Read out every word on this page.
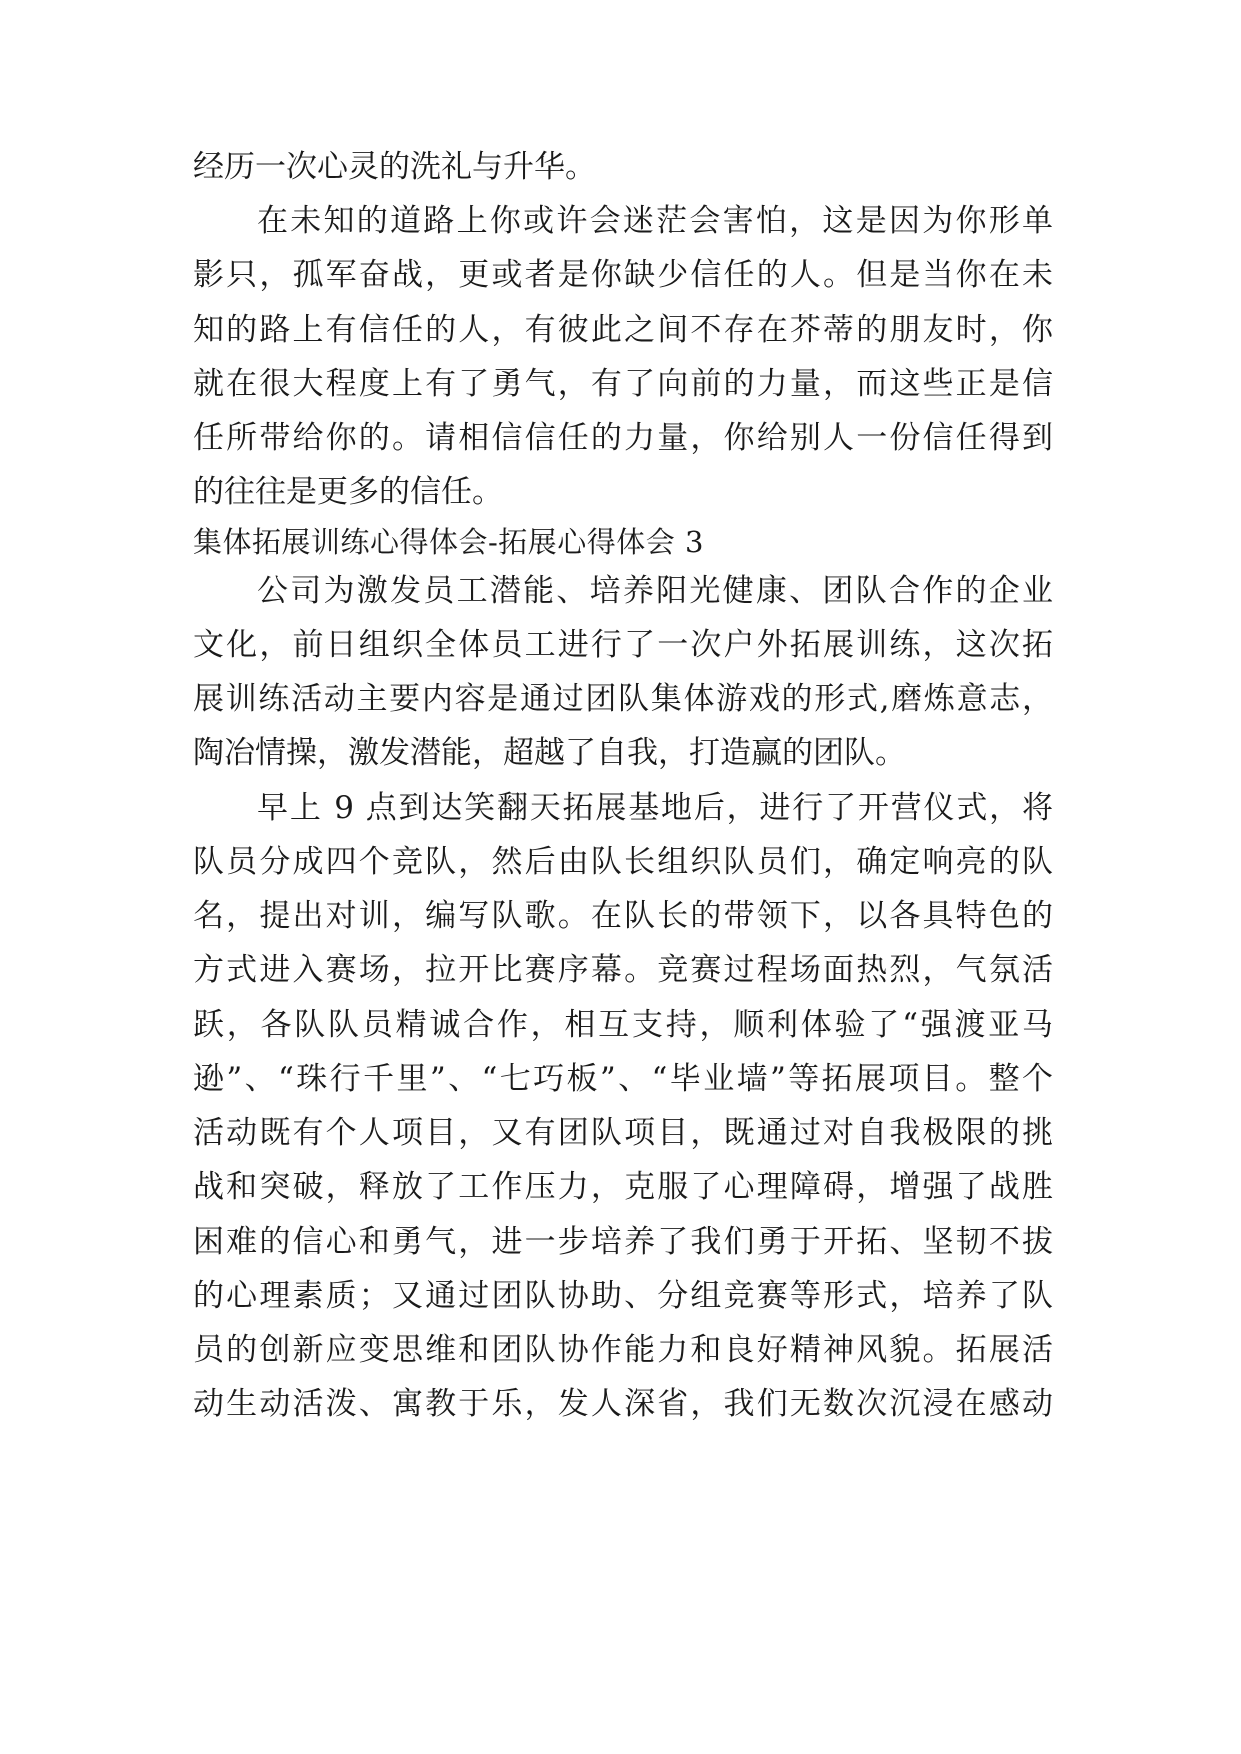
经历一次心灵的洗礼与升华。
在未知的道路上你或许会迷茫会害怕，这是因为你形单
影只，孤军奋战，更或者是你缺少信任的人。但是当你在未
知的路上有信任的人，有彼此之间不存在芥蒂的朋友时，你
就在很大程度上有了勇气，有了向前的力量，而这些正是信
任所带给你的。请相信信任的力量，你给别人一份信任得到
的往往是更多的信任。
集体拓展训练心得体会-拓展心得体会 3
公司为激发员工潜能、培养阳光健康、团队合作的企业
文化，前日组织全体员工进行了一次户外拓展训练，这次拓
展训练活动主要内容是通过团队集体游戏的形式,磨炼意志，
陶冶情操，激发潜能，超越了自我，打造赢的团队。
早上 9 点到达笑翻天拓展基地后，进行了开营仪式，将
队员分成四个竞队，然后由队长组织队员们，确定响亮的队
名，提出对训，编写队歌。在队长的带领下，以各具特色的
方式进入赛场，拉开比赛序幕。竞赛过程场面热烈，气氛活
跃，各队队员精诚合作，相互支持，顺利体验了“强渡亚马
逊”、“珠行千里”、“七巧板”、“毕业墙”等拓展项目。整个
活动既有个人项目，又有团队项目，既通过对自我极限的挑
战和突破，释放了工作压力，克服了心理障碍，增强了战胜
困难的信心和勇气，进一步培养了我们勇于开拓、坚韧不拔
的心理素质；又通过团队协助、分组竞赛等形式，培养了队
员的创新应变思维和团队协作能力和良好精神风貌。拓展活
动生动活泼、寓教于乐，发人深省，我们无数次沉浸在感动
